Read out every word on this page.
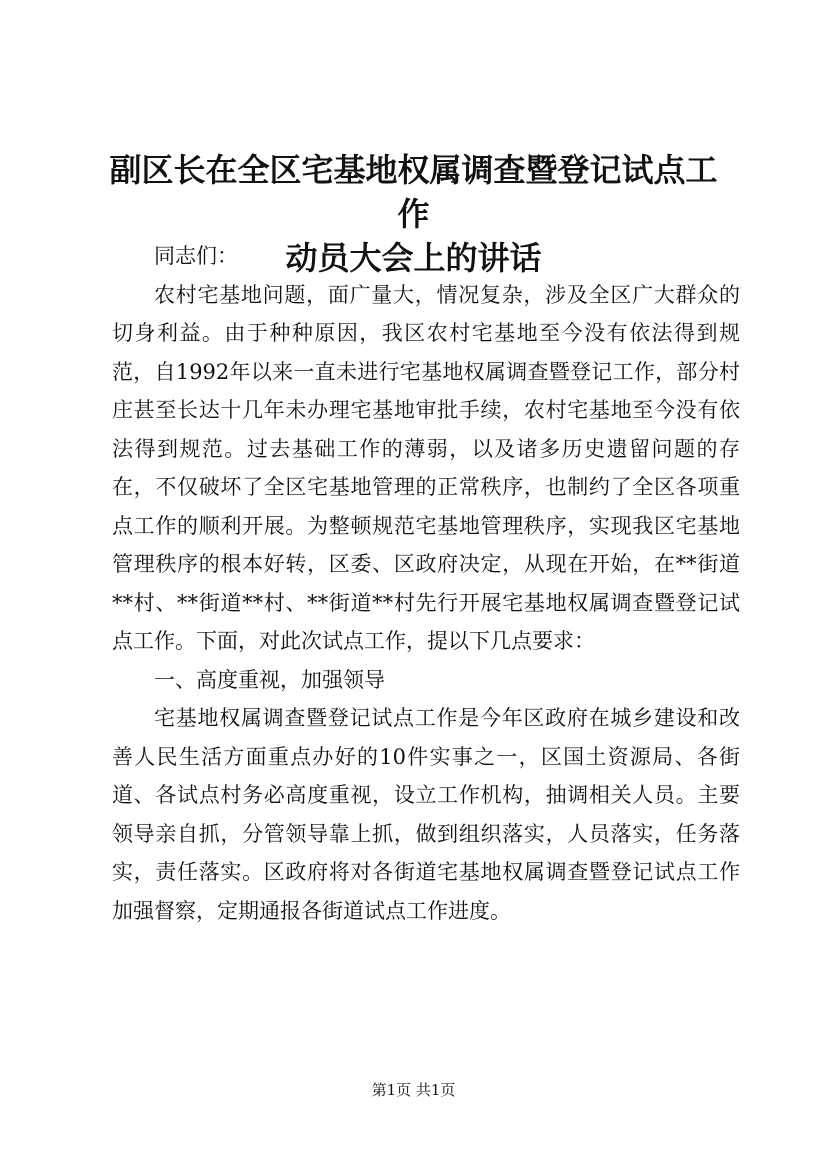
副区长在全区宅基地权属调查暨登记试点工作
动员大会上的讲话

同志们：

农村宅基地问题，面广量大，情况复杂，涉及全区广大群众的切身利益。由于种种原因，我区农村宅基地至今没有依法得到规范，自1992年以来一直未进行宅基地权属调查暨登记工作，部分村庄甚至长达十几年未办理宅基地审批手续，农村宅基地至今没有依法得到规范。过去基础工作的薄弱，以及诸多历史遗留问题的存在，不仅破坏了全区宅基地管理的正常秩序，也制约了全区各项重点工作的顺利开展。为整顿规范宅基地管理秩序，实现我区宅基地管理秩序的根本好转，区委、区政府决定，从现在开始，在**街道**村、**街道**村、**街道**村先行开展宅基地权属调查暨登记试点工作。下面，对此次试点工作，提以下几点要求：

一、高度重视，加强领导

宅基地权属调查暨登记试点工作是今年区政府在城乡建设和改善人民生活方面重点办好的10件实事之一，区国土资源局、各街道、各试点村务必高度重视，设立工作机构，抽调相关人员。主要领导亲自抓，分管领导靠上抓，做到组织落实，人员落实，任务落实，责任落实。区政府将对各街道宅基地权属调查暨登记试点工作加强督察，定期通报各街道试点工作进度。

第1页 共1页
